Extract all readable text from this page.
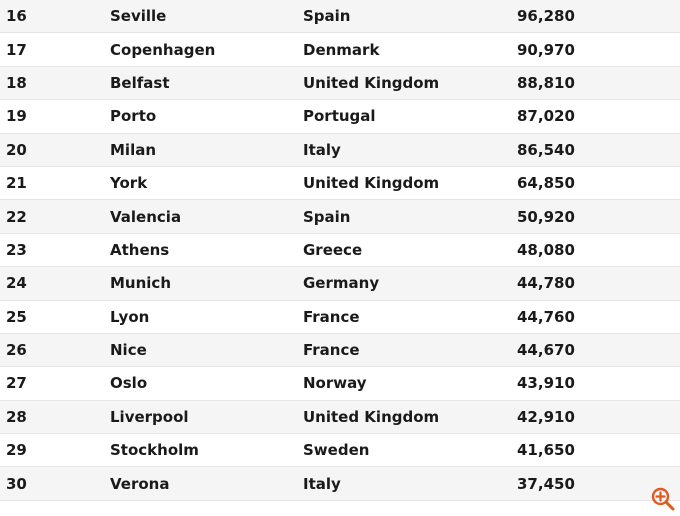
16	Seville	Spain	96,280
17	Copenhagen	Denmark	90,970
18	Belfast	United Kingdom	88,810
19	Porto	Portugal	87,020
20	Milan	Italy	86,540
21	York	United Kingdom	64,850
22	Valencia	Spain	50,920
23	Athens	Greece	48,080
24	Munich	Germany	44,780
25	Lyon	France	44,760
26	Nice	France	44,670
27	Oslo	Norway	43,910
28	Liverpool	United Kingdom	42,910
29	Stockholm	Sweden	41,650
30	Verona	Italy	37,450
